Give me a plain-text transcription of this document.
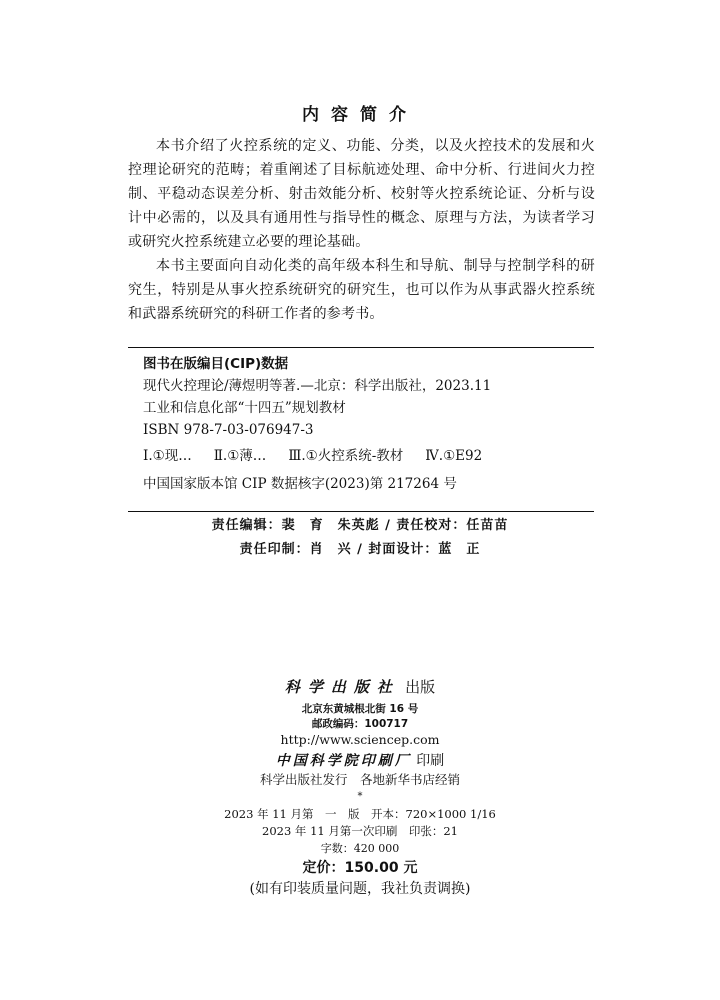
内容简介

本书介绍了火控系统的定义、功能、分类，以及火控技术的发展和火控理论研究的范畴；着重阐述了目标航迹处理、命中分析、行进间火力控制、平稳动态误差分析、射击效能分析、校射等火控系统论证、分析与设计中必需的，以及具有通用性与指导性的概念、原理与方法，为读者学习或研究火控系统建立必要的理论基础。

本书主要面向自动化类的高年级本科生和导航、制导与控制学科的研究生，特别是从事火控系统研究的研究生，也可以作为从事武器火控系统和武器系统研究的科研工作者的参考书。

图书在版编目(CIP)数据
现代火控理论/薄煜明等著.—北京：科学出版社，2023.11
工业和信息化部“十四五”规划教材
ISBN 978-7-03-076947-3
Ⅰ.①现… Ⅱ.①薄… Ⅲ.①火控系统-教材 Ⅳ.①E92
中国国家版本馆 CIP 数据核字(2023)第 217264 号
责任编辑：裴　育　朱英彪 / 责任校对：任苗苗
责任印制：肖　兴 / 封面设计：蓝　正
科学出版社 出版
北京东黄城根北街 16 号
邮政编码：100717
http://www.sciencep.com
中国科学院印刷厂 印刷
科学出版社发行　各地新华书店经销
*
2023 年 11 月第　一　版　开本：720×1000 1/16
2023 年 11 月第一次印刷　印张：21
字数：420 000
定价：150.00 元
(如有印装质量问题，我社负责调换)
